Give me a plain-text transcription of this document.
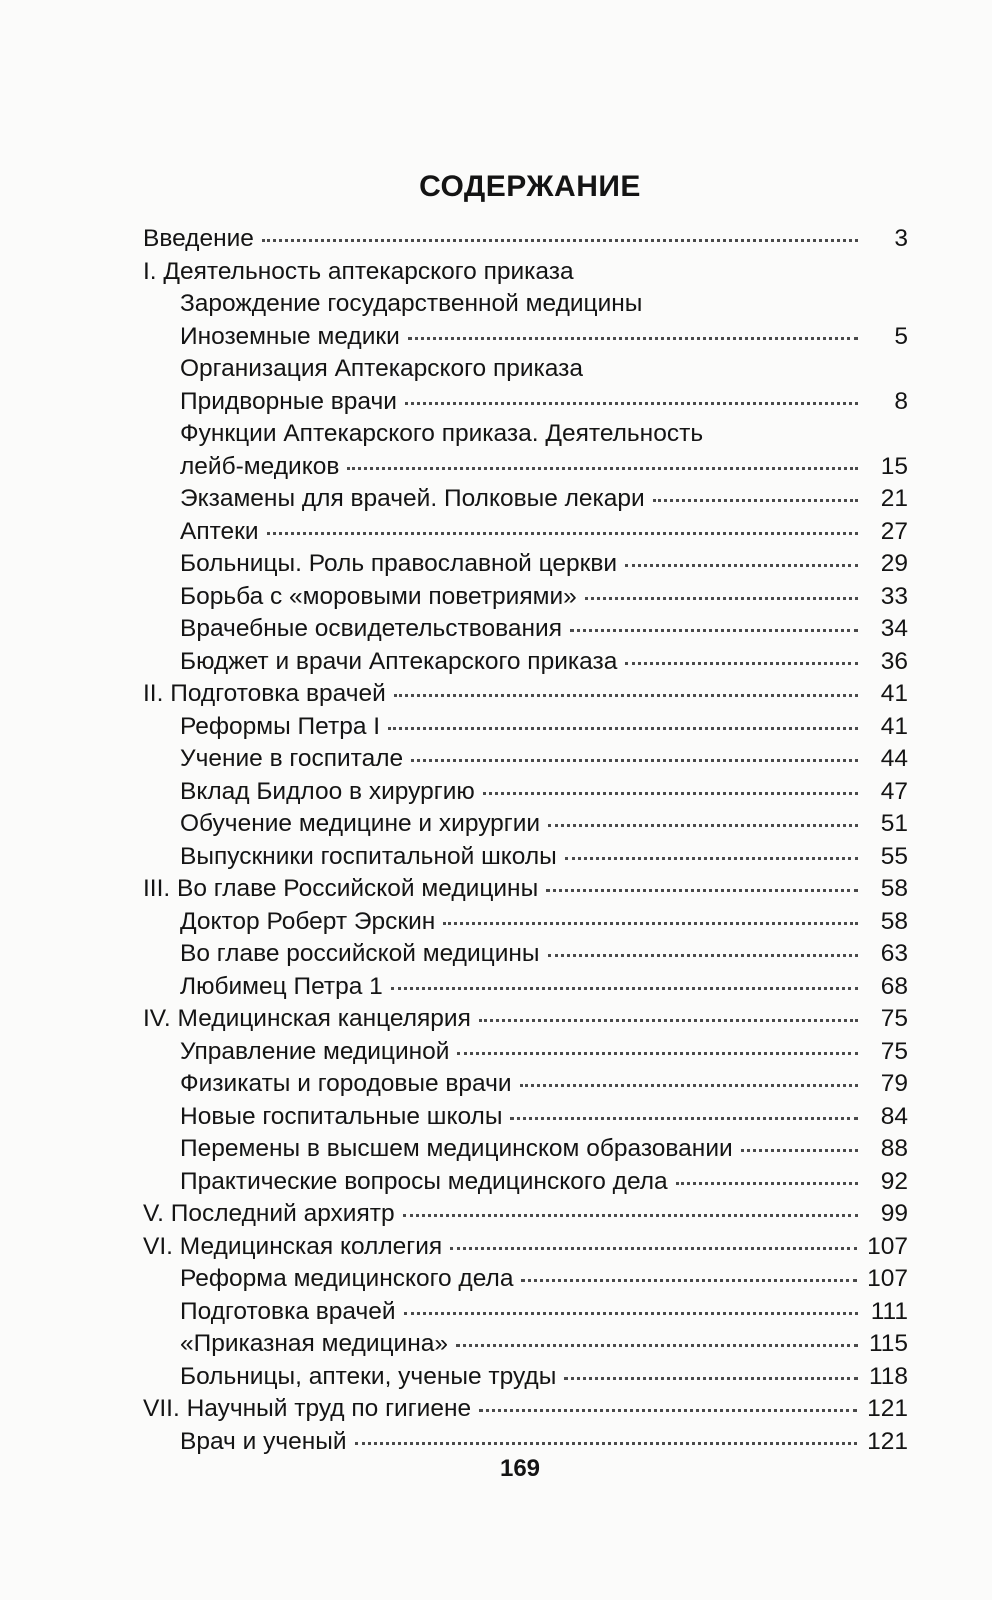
СОДЕРЖАНИЕ
Введение	3
I. Деятельность аптекарского приказа
Зарождение государственной медицины
Иноземные медики	5
Организация Аптекарского приказа
Придворные врачи	8
Функции Аптекарского приказа. Деятельность
лейб-медиков	15
Экзамены для врачей. Полковые лекари	21
Аптеки	27
Больницы. Роль православной церкви	29
Борьба с «моровыми поветриями»	33
Врачебные освидетельствования	34
Бюджет и врачи Аптекарского приказа	36
II. Подготовка врачей	41
Реформы Петра I	41
Учение в госпитале	44
Вклад Бидлоо в хирургию	47
Обучение медицине и хирургии	51
Выпускники госпитальной школы	55
III. Во главе Российской медицины	58
Доктор Роберт Эрскин	58
Во главе российской медицины	63
Любимец Петра 1	68
IV. Медицинская канцелярия	75
Управление медициной	75
Физикаты и городовые врачи	79
Новые госпитальные школы	84
Перемены в высшем медицинском образовании	88
Практические вопросы медицинского дела	92
V. Последний архиятр	99
VI. Медицинская коллегия	107
Реформа медицинского дела	107
Подготовка врачей	111
«Приказная медицина»	115
Больницы, аптеки, ученые труды	118
VII. Научный труд по гигиене	121
Врач и ученый	121
169
